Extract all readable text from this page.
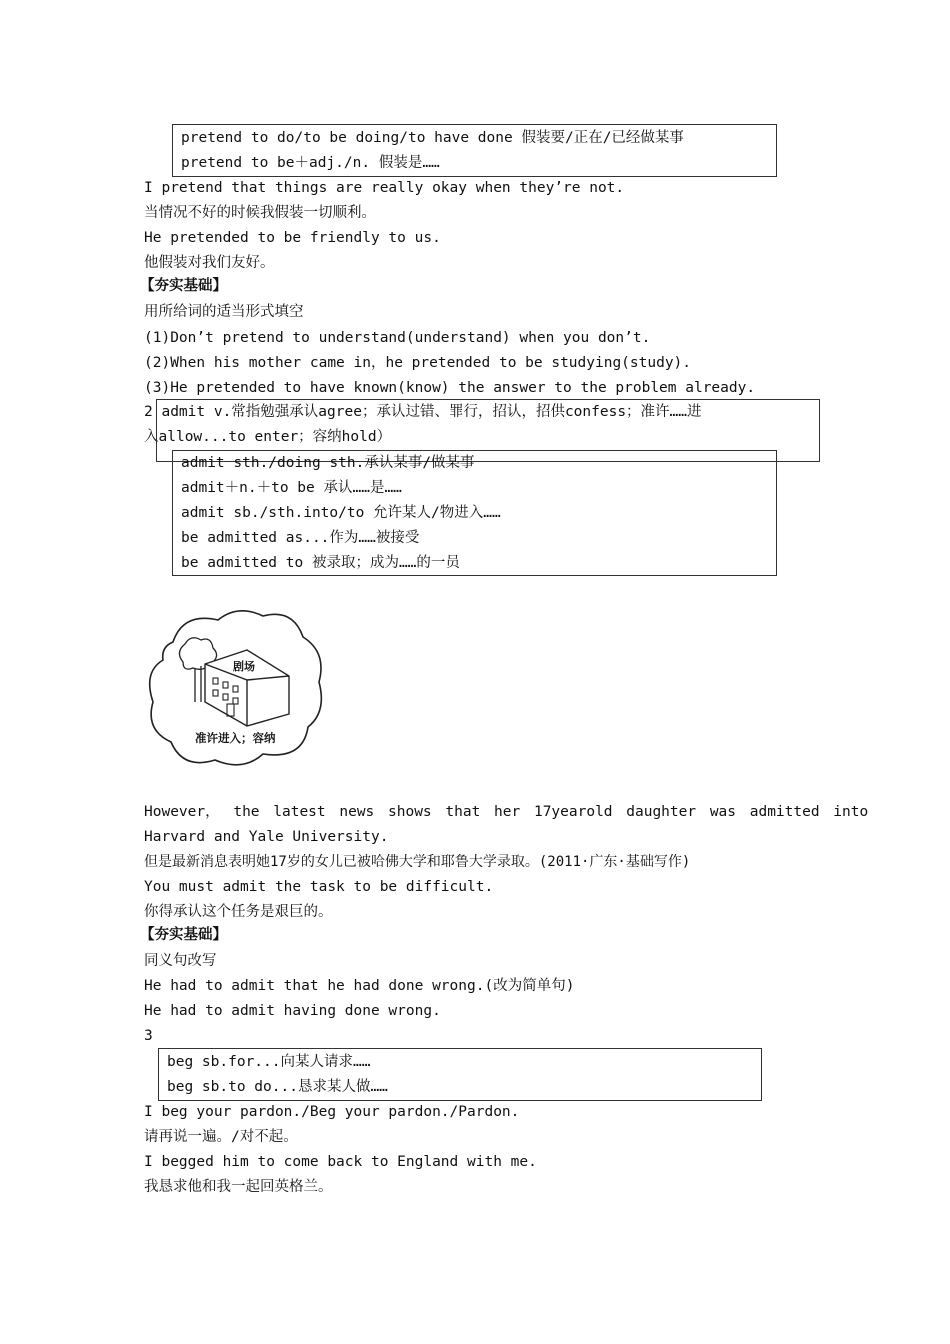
pretend to do/to be doing/to have done 假装要/正在/已经做某事
pretend to be＋adj./n. 假装是……
I pretend that things are really okay when they’re not.
当情况不好的时候我假装一切顺利。
He pretended to be friendly to us.
他假装对我们友好。
【夯实基础】
用所给词的适当形式填空
(1)Don’t pretend to understand(understand) when you don’t.
(2)When his mother came in，he pretended to be studying(study).
(3)He pretended to have known(know) the answer to the problem already.
2 admit v.常指勉强承认agree；承认过错、罪行，招认，招供confess；准许……进
入allow...to enter；容纳hold）
admit sth./doing sth.承认某事/做某事
admit＋n.＋to be 承认……是……
admit sb./sth.into/to 允许某人/物进入……
be admitted as...作为……被接受
be admitted to 被录取；成为……的一员
剧场
准许进入；容纳
However， the latest news shows that her 17yearold daughter was admitted into
Harvard and Yale University.
但是最新消息表明她17岁的女儿已被哈佛大学和耶鲁大学录取。(2011·广东·基础写作)
You must admit the task to be difficult.
你得承认这个任务是艰巨的。
【夯实基础】
同义句改写
He had to admit that he had done wrong.(改为简单句)
He had to admit having done wrong.
3
beg sb.for...向某人请求……
beg sb.to do...恳求某人做……
I beg your pardon./Beg your pardon./Pardon.
请再说一遍。/对不起。
I begged him to come back to England with me.
我恳求他和我一起回英格兰。
